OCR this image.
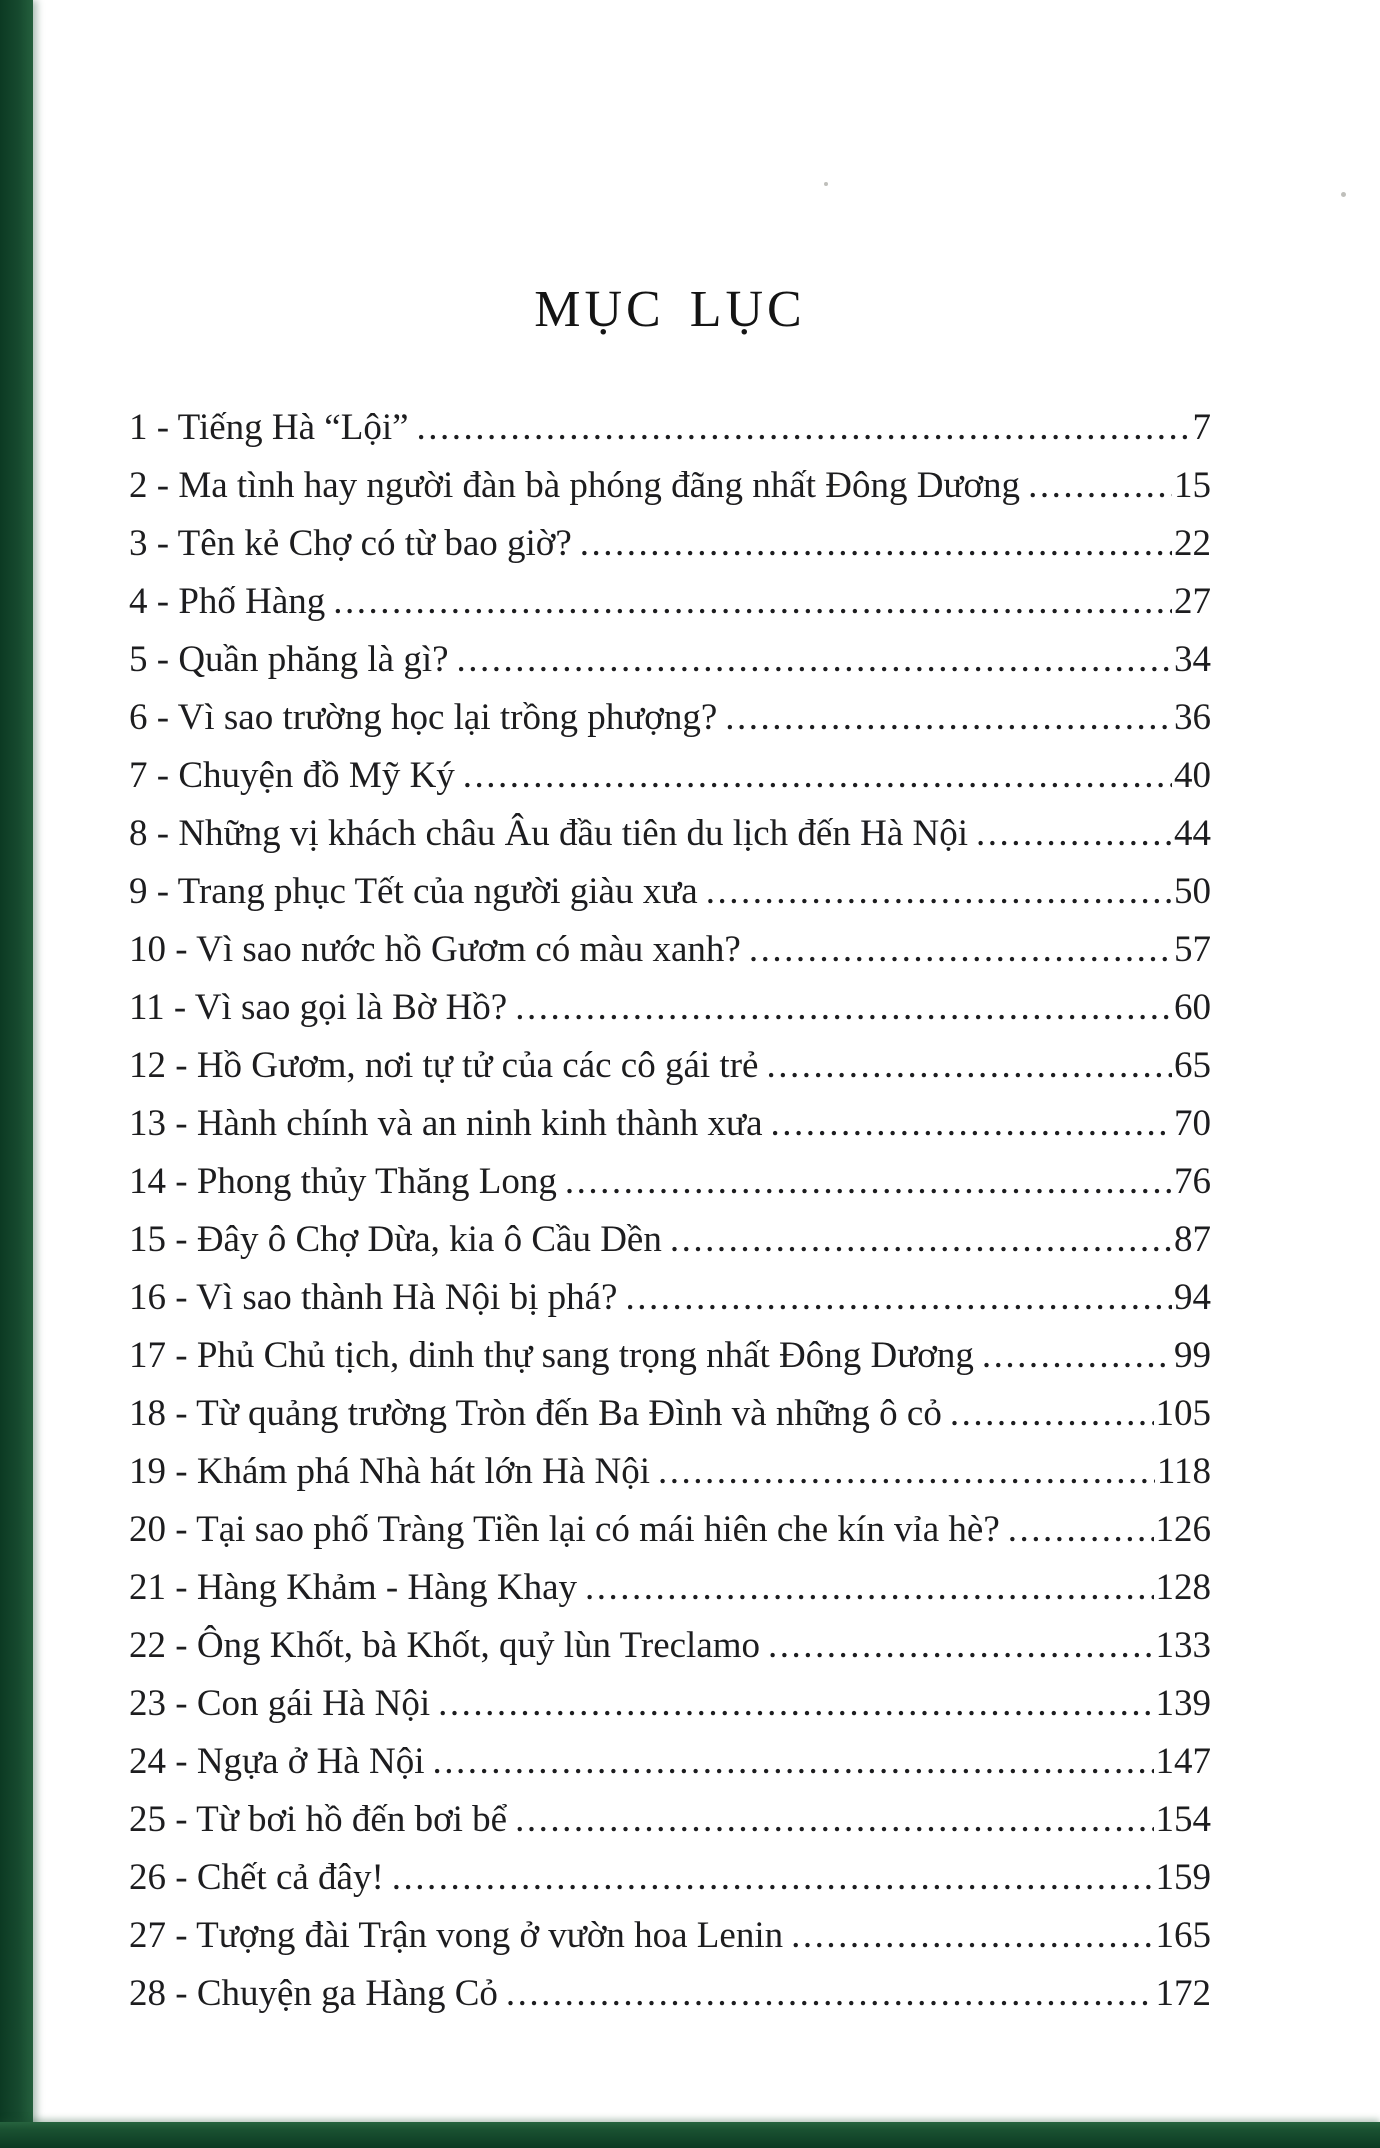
MỤC LỤC
1 - Tiếng Hà “Lội” .....	7
2 - Ma tình hay người đàn bà phóng đãng nhất Đông Dương .....	15
3 - Tên kẻ Chợ có từ bao giờ? .....	22
4 - Phố Hàng .....	27
5 - Quần phăng là gì? .....	34
6 - Vì sao trường học lại trồng phượng? .....	36
7 - Chuyện đồ Mỹ Ký .....	40
8 - Những vị khách châu Âu đầu tiên du lịch đến Hà Nội .....	44
9 - Trang phục Tết của người giàu xưa .....	50
10 - Vì sao nước hồ Gươm có màu xanh? .....	57
11 - Vì sao gọi là Bờ Hồ? .....	60
12 - Hồ Gươm, nơi tự tử của các cô gái trẻ .....	65
13 - Hành chính và an ninh kinh thành xưa .....	70
14 - Phong thủy Thăng Long .....	76
15 - Đây ô Chợ Dừa, kia ô Cầu Dền .....	87
16 - Vì sao thành Hà Nội bị phá? .....	94
17 - Phủ Chủ tịch, dinh thự sang trọng nhất Đông Dương .....	99
18 - Từ quảng trường Tròn đến Ba Đình và những ô cỏ .....	105
19 - Khám phá Nhà hát lớn Hà Nội .....	118
20 - Tại sao phố Tràng Tiền lại có mái hiên che kín vỉa hè? .....	126
21 - Hàng Khảm - Hàng Khay .....	128
22 - Ông Khốt, bà Khốt, quỷ lùn Treclamo .....	133
23 - Con gái Hà Nội .....	139
24 - Ngựa ở Hà Nội .....	147
25 - Từ bơi hồ đến bơi bể .....	154
26 - Chết cả đây! .....	159
27 - Tượng đài Trận vong ở vườn hoa Lenin .....	165
28 - Chuyện ga Hàng Cỏ .....	172
